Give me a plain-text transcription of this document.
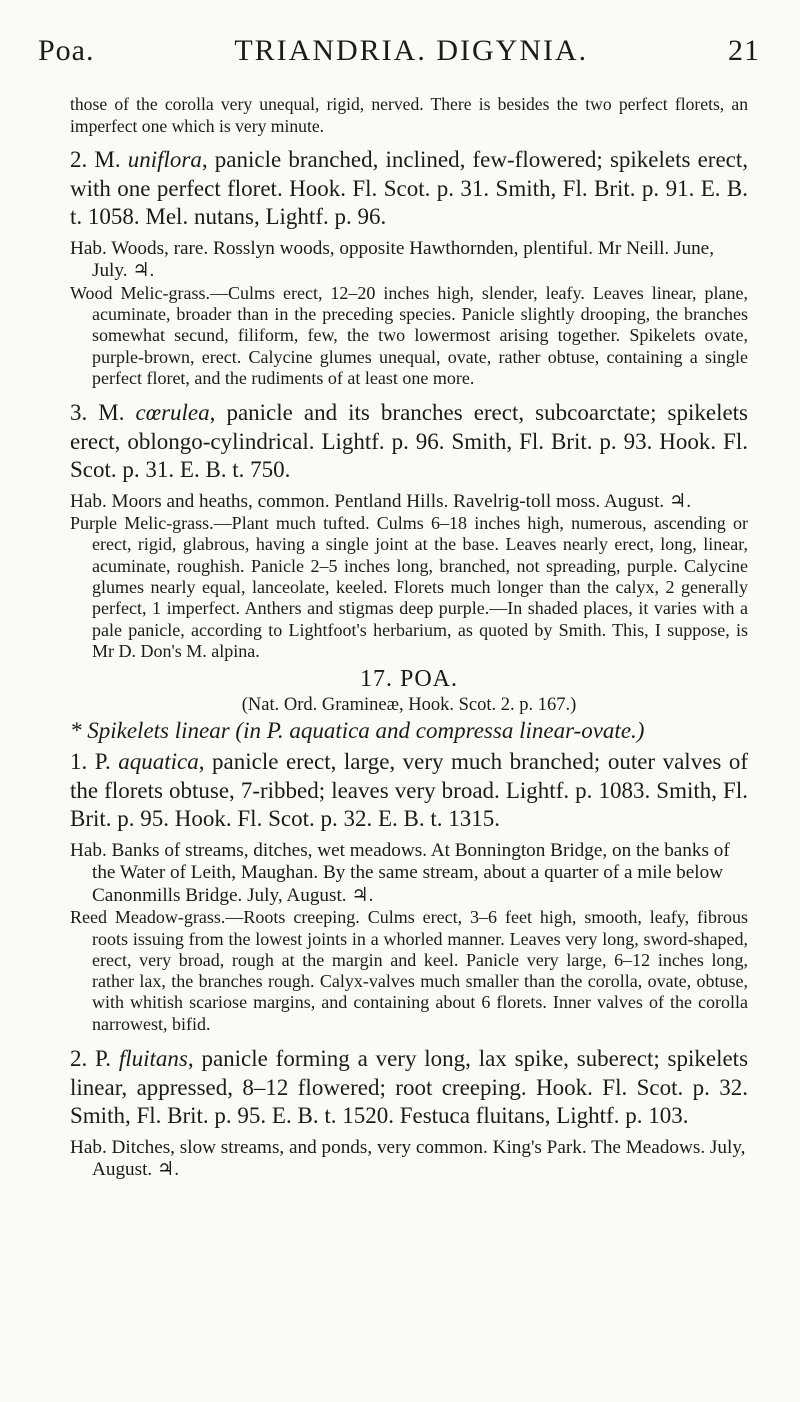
Poa.	TRIANDRIA. DIGYNIA.	21

those of the corolla very unequal, rigid, nerved. There is besides the two perfect florets, an imperfect one which is very minute.

2. M. uniflora, panicle branched, inclined, few-flowered; spikelets erect, with one perfect floret. Hook. Fl. Scot. p. 31. Smith, Fl. Brit. p. 91. E. B. t. 1058. Mel. nutans, Lightf. p. 96.

Hab. Woods, rare. Rosslyn woods, opposite Hawthornden, plentiful. Mr Neill. June, July. ♃.

Wood Melic-grass.—Culms erect, 12–20 inches high, slender, leafy. Leaves linear, plane, acuminate, broader than in the preceding species. Panicle slightly drooping, the branches somewhat secund, filiform, few, the two lowermost arising together. Spikelets ovate, purple-brown, erect. Calycine glumes unequal, ovate, rather obtuse, containing a single perfect floret, and the rudiments of at least one more.

3. M. cœrulea, panicle and its branches erect, subcoarctate; spikelets erect, oblongo-cylindrical. Lightf. p. 96. Smith, Fl. Brit. p. 93. Hook. Fl. Scot. p. 31. E. B. t. 750.

Hab. Moors and heaths, common. Pentland Hills. Ravelrig-toll moss. August. ♃.

Purple Melic-grass.—Plant much tufted. Culms 6–18 inches high, numerous, ascending or erect, rigid, glabrous, having a single joint at the base. Leaves nearly erect, long, linear, acuminate, roughish. Panicle 2–5 inches long, branched, not spreading, purple. Calycine glumes nearly equal, lanceolate, keeled. Florets much longer than the calyx, 2 generally perfect, 1 imperfect. Anthers and stigmas deep purple.—In shaded places, it varies with a pale panicle, according to Lightfoot's herbarium, as quoted by Smith. This, I suppose, is Mr D. Don's M. alpina.

17. POA.

(Nat. Ord. Gramineæ, Hook. Scot. 2. p. 167.)

* Spikelets linear (in P. aquatica and compressa linear-ovate.)

1. P. aquatica, panicle erect, large, very much branched; outer valves of the florets obtuse, 7-ribbed; leaves very broad. Lightf. p. 1083. Smith, Fl. Brit. p. 95. Hook. Fl. Scot. p. 32. E. B. t. 1315.

Hab. Banks of streams, ditches, wet meadows. At Bonnington Bridge, on the banks of the Water of Leith, Maughan. By the same stream, about a quarter of a mile below Canonmills Bridge. July, August. ♃.

Reed Meadow-grass.—Roots creeping. Culms erect, 3–6 feet high, smooth, leafy, fibrous roots issuing from the lowest joints in a whorled manner. Leaves very long, sword-shaped, erect, very broad, rough at the margin and keel. Panicle very large, 6–12 inches long, rather lax, the branches rough. Calyx-valves much smaller than the corolla, ovate, obtuse, with whitish scariose margins, and containing about 6 florets. Inner valves of the corolla narrowest, bifid.

2. P. fluitans, panicle forming a very long, lax spike, suberect; spikelets linear, appressed, 8–12 flowered; root creeping. Hook. Fl. Scot. p. 32. Smith, Fl. Brit. p. 95. E. B. t. 1520. Festuca fluitans, Lightf. p. 103.

Hab. Ditches, slow streams, and ponds, very common. King's Park. The Meadows. July, August. ♃.
